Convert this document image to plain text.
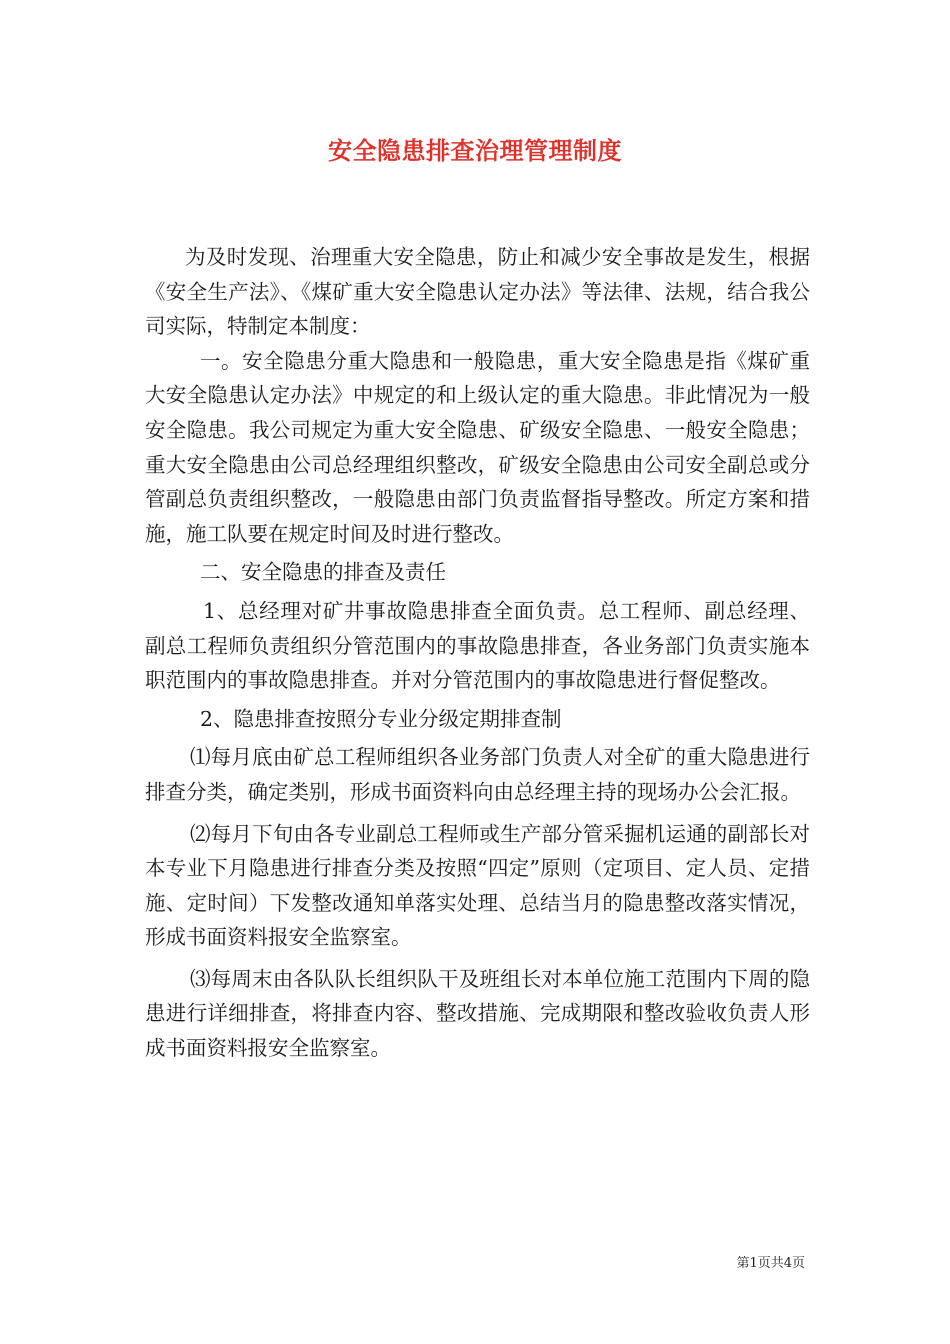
安全隐患排查治理管理制度

为及时发现、治理重大安全隐患，防止和减少安全事故是发生，根据《安全生产法》、《煤矿重大安全隐患认定办法》等法律、法规，结合我公司实际，特制定本制度：

一。安全隐患分重大隐患和一般隐患，重大安全隐患是指《煤矿重大安全隐患认定办法》中规定的和上级认定的重大隐患。非此情况为一般安全隐患。我公司规定为重大安全隐患、矿级安全隐患、一般安全隐患；重大安全隐患由公司总经理组织整改，矿级安全隐患由公司安全副总或分管副总负责组织整改，一般隐患由部门负责监督指导整改。所定方案和措施，施工队要在规定时间及时进行整改。

二、安全隐患的排查及责任

1、总经理对矿井事故隐患排查全面负责。总工程师、副总经理、副总工程师负责组织分管范围内的事故隐患排查，各业务部门负责实施本职范围内的事故隐患排查。并对分管范围内的事故隐患进行督促整改。

2、隐患排查按照分专业分级定期排查制

⑴每月底由矿总工程师组织各业务部门负责人对全矿的重大隐患进行排查分类，确定类别，形成书面资料向由总经理主持的现场办公会汇报。

⑵每月下旬由各专业副总工程师或生产部分管采掘机运通的副部长对本专业下月隐患进行排查分类及按照“四定”原则（定项目、定人员、定措施、定时间）下发整改通知单落实处理、总结当月的隐患整改落实情况，形成书面资料报安全监察室。

⑶每周末由各队队长组织队干及班组长对本单位施工范围内下周的隐患进行详细排查，将排查内容、整改措施、完成期限和整改验收负责人形成书面资料报安全监察室。

第1页共4页
